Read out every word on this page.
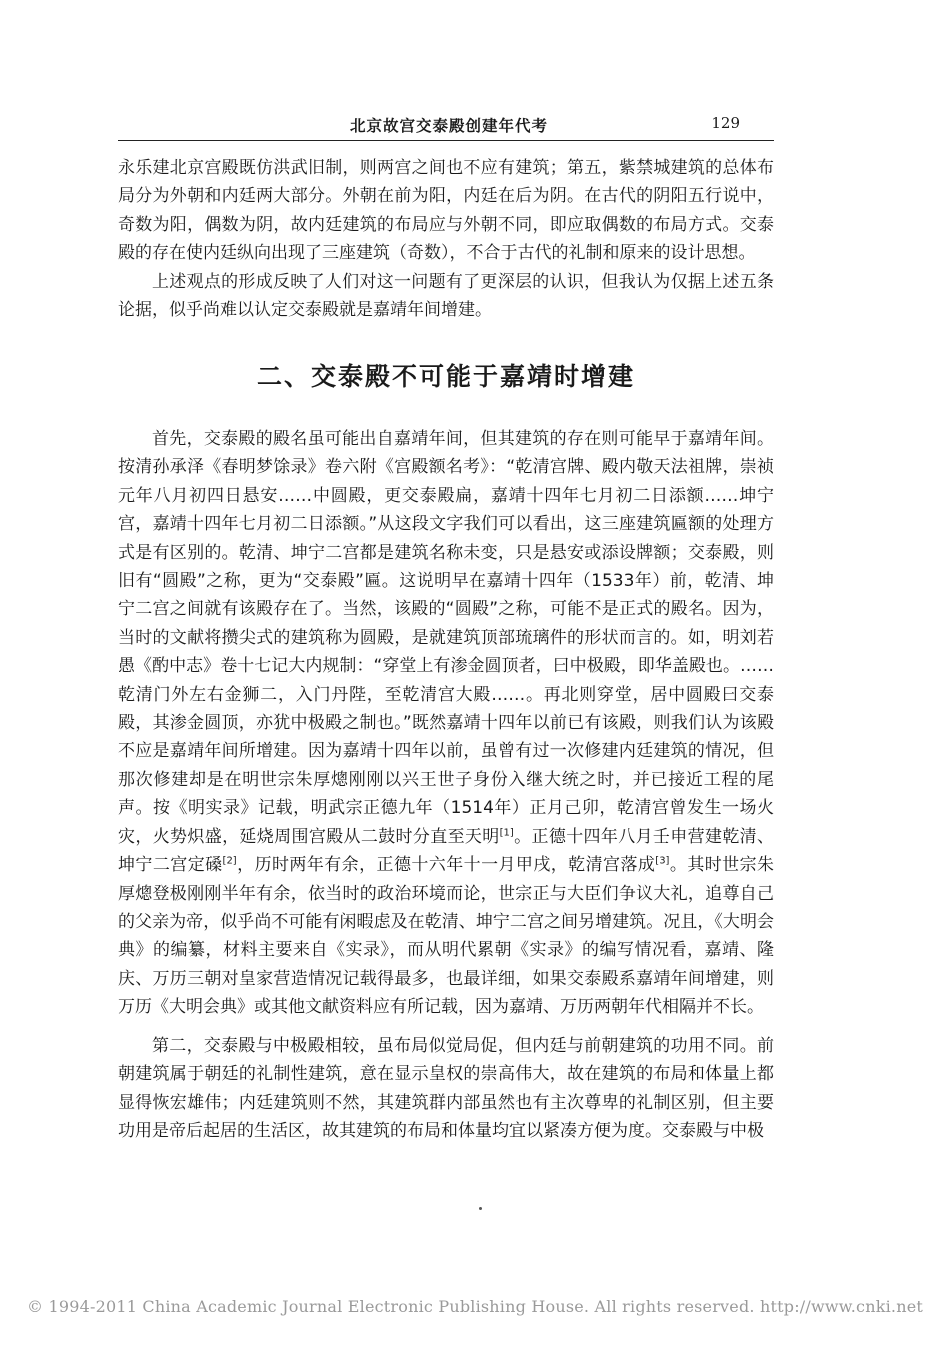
北京故宫交泰殿创建年代考	129

永乐建北京宫殿既仿洪武旧制，则两宫之间也不应有建筑；第五，紫禁城建筑的总体布局分为外朝和内廷两大部分。外朝在前为阳，内廷在后为阴。在古代的阴阳五行说中，奇数为阳，偶数为阴，故内廷建筑的布局应与外朝不同，即应取偶数的布局方式。交泰殿的存在使内廷纵向出现了三座建筑（奇数），不合于古代的礼制和原来的设计思想。

上述观点的形成反映了人们对这一问题有了更深层的认识，但我认为仅据上述五条论据，似乎尚难以认定交泰殿就是嘉靖年间增建。

二、交泰殿不可能于嘉靖时增建

首先，交泰殿的殿名虽可能出自嘉靖年间，但其建筑的存在则可能早于嘉靖年间。按清孙承泽《春明梦馀录》卷六附《宫殿额名考》：“乾清宫牌、殿内敬天法祖牌，崇祯元年八月初四日悬安……中圆殿，更交泰殿扁，嘉靖十四年七月初二日添额……坤宁宫，嘉靖十四年七月初二日添额。”从这段文字我们可以看出，这三座建筑匾额的处理方式是有区别的。乾清、坤宁二宫都是建筑名称未变，只是悬安或添设牌额；交泰殿，则旧有“圆殿”之称，更为“交泰殿”匾。这说明早在嘉靖十四年（1533年）前，乾清、坤宁二宫之间就有该殿存在了。当然，该殿的“圆殿”之称，可能不是正式的殿名。因为，当时的文献将攒尖式的建筑称为圆殿，是就建筑顶部琉璃件的形状而言的。如，明刘若愚《酌中志》卷十七记大内规制：“穿堂上有渗金圆顶者，曰中极殿，即华盖殿也。……乾清门外左右金狮二，入门丹陛，至乾清宫大殿……。再北则穿堂，居中圆殿曰交泰殿，其渗金圆顶，亦犹中极殿之制也。”既然嘉靖十四年以前已有该殿，则我们认为该殿不应是嘉靖年间所增建。因为嘉靖十四年以前，虽曾有过一次修建内廷建筑的情况，但那次修建却是在明世宗朱厚熜刚刚以兴王世子身份入继大统之时，并已接近工程的尾声。按《明实录》记载，明武宗正德九年（1514年）正月己卯，乾清宫曾发生一场火灾，火势炽盛，延烧周围宫殿从二鼓时分直至天明[1]。正德十四年八月壬申营建乾清、坤宁二宫定磉[2]，历时两年有余，正德十六年十一月甲戌，乾清宫落成[3]。其时世宗朱厚熜登极刚刚半年有余，依当时的政治环境而论，世宗正与大臣们争议大礼，追尊自己的父亲为帝，似乎尚不可能有闲暇虑及在乾清、坤宁二宫之间另增建筑。况且，《大明会典》的编纂，材料主要来自《实录》，而从明代累朝《实录》的编写情况看，嘉靖、隆庆、万历三朝对皇家营造情况记载得最多，也最详细，如果交泰殿系嘉靖年间增建，则万历《大明会典》或其他文献资料应有所记载，因为嘉靖、万历两朝年代相隔并不长。

第二，交泰殿与中极殿相较，虽布局似觉局促，但内廷与前朝建筑的功用不同。前朝建筑属于朝廷的礼制性建筑，意在显示皇权的崇高伟大，故在建筑的布局和体量上都显得恢宏雄伟；内廷建筑则不然，其建筑群内部虽然也有主次尊卑的礼制区别，但主要功用是帝后起居的生活区，故其建筑的布局和体量均宜以紧凑方便为度。交泰殿与中极

© 1994-2011 China Academic Journal Electronic Publishing House. All rights reserved. http://www.cnki.net
